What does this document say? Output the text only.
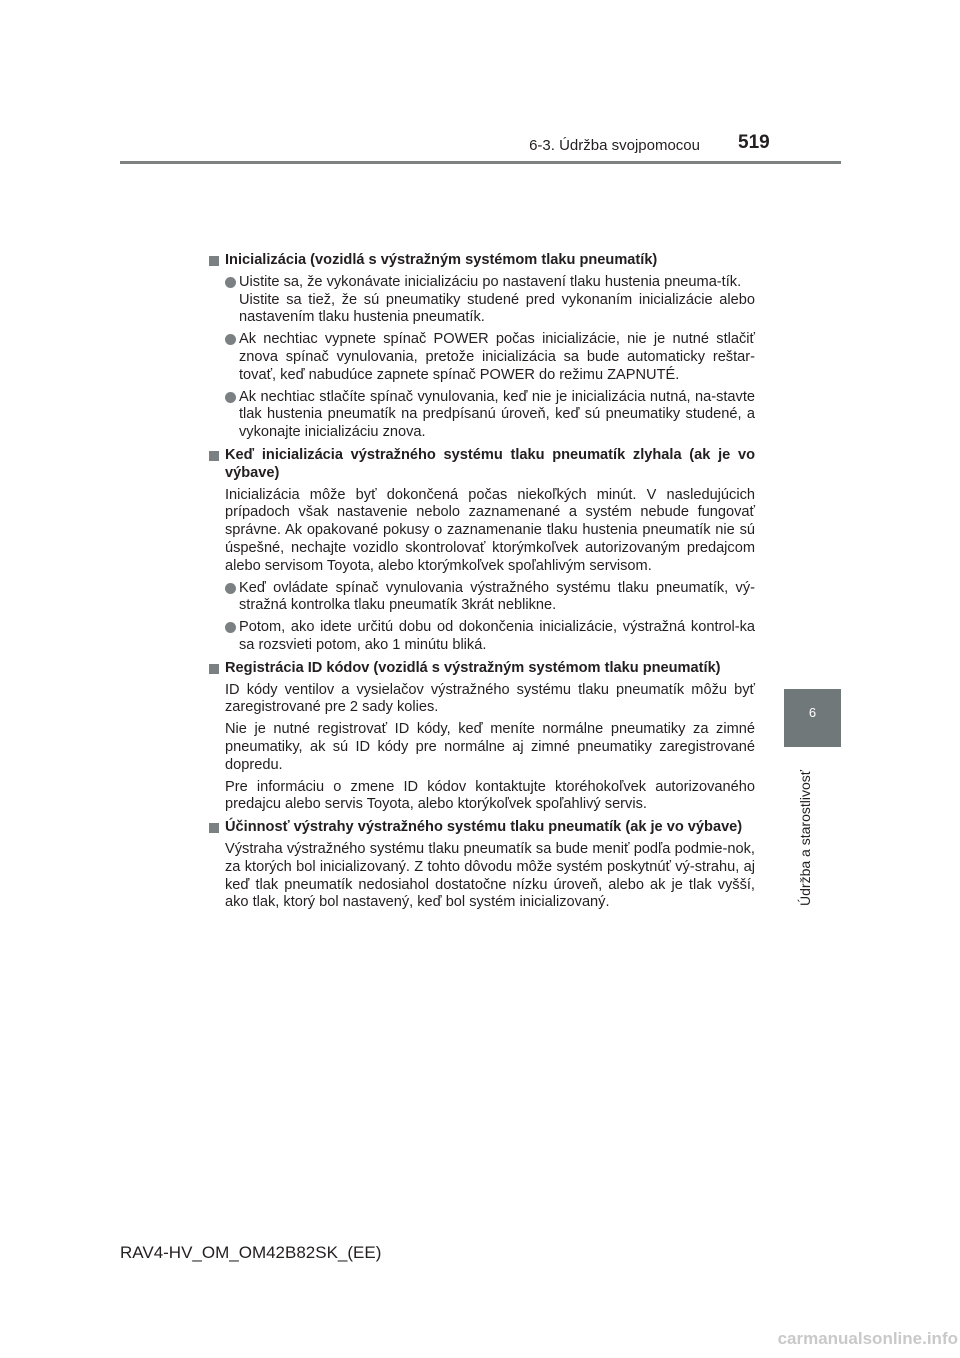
6-3. Údržba svojpomocou 519
6
Údržba a starostlivosť
Inicializácia (vozidlá s výstražným systémom tlaku pneumatík)
Uistite sa, že vykonávate inicializáciu po nastavení tlaku hustenia pneuma-tík.
Uistite sa tiež, že sú pneumatiky studené pred vykonaním inicializácie alebo nastavením tlaku hustenia pneumatík.
Ak nechtiac vypnete spínač POWER počas inicializácie, nie je nutné stlačiť znova spínač vynulovania, pretože inicializácia sa bude automaticky reštar-tovať, keď nabudúce zapnete spínač POWER do režimu ZAPNUTÉ.
Ak nechtiac stlačíte spínač vynulovania, keď nie je inicializácia nutná, na-stavte tlak hustenia pneumatík na predpísanú úroveň, keď sú pneumatiky studené, a vykonajte inicializáciu znova.
Keď inicializácia výstražného systému tlaku pneumatík zlyhala (ak je vo výbave)
Inicializácia môže byť dokončená počas niekoľkých minút. V nasledujúcich prípadoch však nastavenie nebolo zaznamenané a systém nebude fungovať správne. Ak opakované pokusy o zaznamenanie tlaku hustenia pneumatík nie sú úspešné, nechajte vozidlo skontrolovať ktorýmkoľvek autorizovaným predajcom alebo servisom Toyota, alebo ktorýmkoľvek spoľahlivým servisom.
Keď ovládate spínač vynulovania výstražného systému tlaku pneumatík, vý-stražná kontrolka tlaku pneumatík 3krát neblikne.
Potom, ako idete určitú dobu od dokončenia inicializácie, výstražná kontrol-ka sa rozsvieti potom, ako 1 minútu bliká.
Registrácia ID kódov (vozidlá s výstražným systémom tlaku pneumatík)
ID kódy ventilov a vysielačov výstražného systému tlaku pneumatík môžu byť zaregistrované pre 2 sady kolies.
Nie je nutné registrovať ID kódy, keď meníte normálne pneumatiky za zimné pneumatiky, ak sú ID kódy pre normálne aj zimné pneumatiky zaregistrované dopredu.
Pre informáciu o zmene ID kódov kontaktujte ktoréhokoľvek autorizovaného predajcu alebo servis Toyota, alebo ktorýkoľvek spoľahlivý servis.
Účinnosť výstrahy výstražného systému tlaku pneumatík (ak je vo výbave)
Výstraha výstražného systému tlaku pneumatík sa bude meniť podľa podmie-nok, za ktorých bol inicializovaný. Z tohto dôvodu môže systém poskytnúť vý-strahu, aj keď tlak pneumatík nedosiahol dostatočne nízku úroveň, alebo ak je tlak vyšší, ako tlak, ktorý bol nastavený, keď bol systém inicializovaný.
RAV4-HV_OM_OM42B82SK_(EE)
carmanualsonline.info
